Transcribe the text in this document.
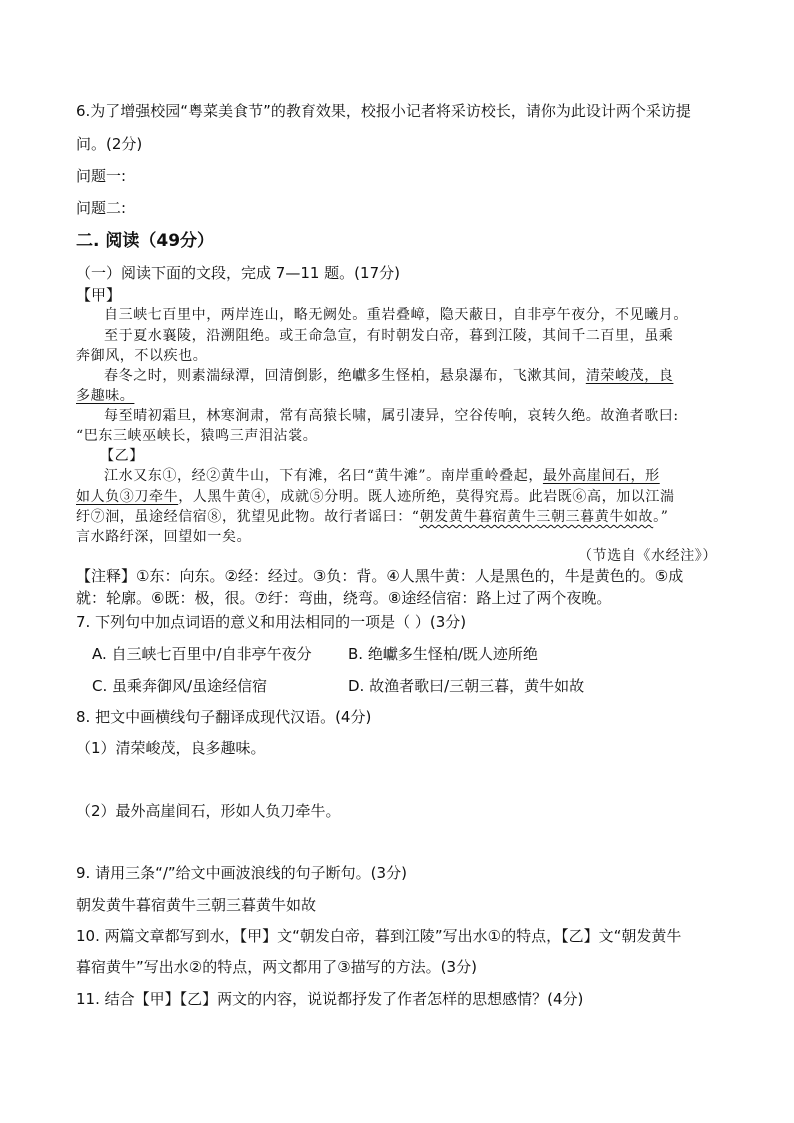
6.为了增强校园“粤菜美食节”的教育效果，校报小记者将采访校长，请你为此设计两个采访提
问。(2分)
问题一:
问题二:
二. 阅读（49分）
（一）阅读下面的文段，完成 7—11 题。(17分)
【甲】
自三峡七百里中，两岸连山，略无阙处。重岩叠嶂，隐天蔽日，自非亭午夜分，不见曦月。
至于夏水襄陵，沿溯阻绝。或王命急宣，有时朝发白帝，暮到江陵，其间千二百里，虽乘
奔御风，不以疾也。
春冬之时，则素湍绿潭，回清倒影，绝巘多生怪柏，悬泉瀑布，飞漱其间，清荣峻茂，良
多趣味。
每至晴初霜旦，林寒涧肃，常有高猿长啸，属引凄异，空谷传响，哀转久绝。故渔者歌曰:
“巴东三峡巫峡长，猿鸣三声泪沾裳。
【乙】
江水又东①，经②黄牛山，下有滩，名曰“黄牛滩”。南岸重岭叠起，最外高崖间石，形
如人负③刀牵牛，人黑牛黄④，成就⑤分明。既人迹所绝，莫得究焉。此岩既⑥高，加以江湍
纡⑦洄，虽途经信宿⑧，犹望见此物。故行者谣曰：“朝发黄牛暮宿黄牛三朝三暮黄牛如故。”
言水路纡深，回望如一矣。
（节选自《水经注》）
【注释】①东：向东。②经：经过。③负：背。④人黑牛黄：人是黑色的，牛是黄色的。⑤成
就：轮廓。⑥既：极，很。⑦纡：弯曲，绕弯。⑧途经信宿：路上过了两个夜晚。
7. 下列句中加点词语的意义和用法相同的一项是（ ）(3分)
A. 自三峡七百里中/自非亭午夜分 B. 绝巘多生怪柏/既人迹所绝
C. 虽乘奔御风/虽途经信宿	D. 故渔者歌曰/三朝三暮，黄牛如故
8. 把文中画横线句子翻译成现代汉语。(4分)
（1）清荣峻茂，良多趣味。
（2）最外高崖间石，形如人负刀牵牛。
9. 请用三条“/”给文中画波浪线的句子断句。(3分)
朝发黄牛暮宿黄牛三朝三暮黄牛如故
10. 两篇文章都写到水，【甲】文“朝发白帝，暮到江陵”写出水①的特点，【乙】文“朝发黄牛
暮宿黄牛”写出水②的特点，两文都用了③描写的方法。(3分)
11. 结合【甲】【乙】两文的内容，说说都抒发了作者怎样的思想感情？(4分)
